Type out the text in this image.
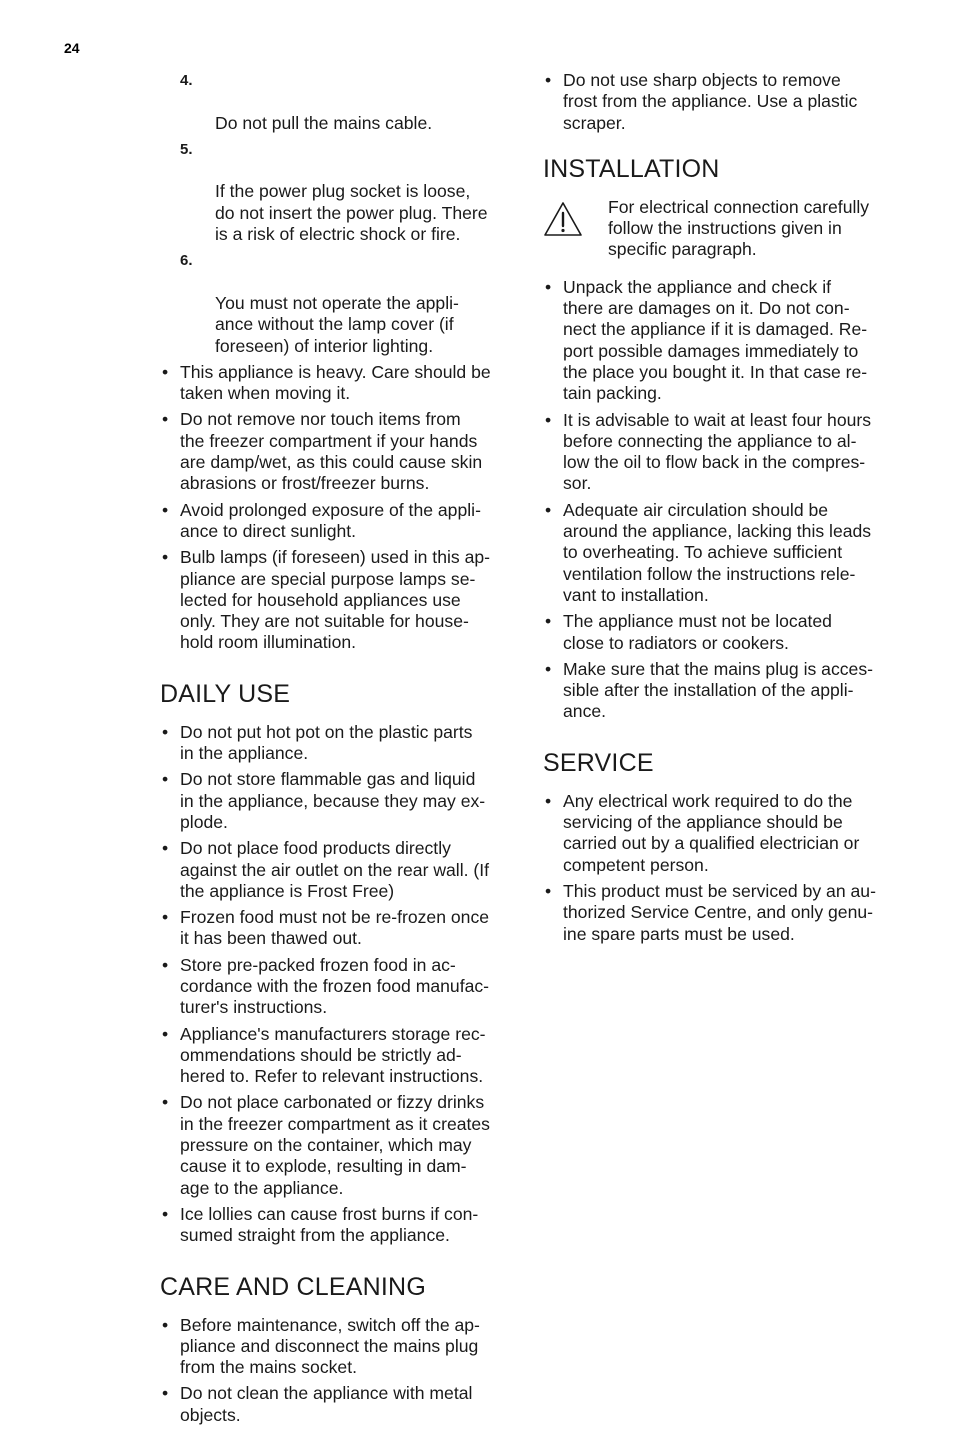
24

4.

Do not pull the mains cable.

5.

If the power plug socket is loose,
do not insert the power plug. There
is a risk of electric shock or fire.

6.

You must not operate the appli-
ance without the lamp cover (if
foreseen) of interior lighting.

• This appliance is heavy. Care should be
taken when moving it.
• Do not remove nor touch items from
the freezer compartment if your hands
are damp/wet, as this could cause skin
abrasions or frost/freezer burns.
• Avoid prolonged exposure of the appli-
ance to direct sunlight.
• Bulb lamps (if foreseen) used in this ap-
pliance are special purpose lamps se-
lected for household appliances use
only. They are not suitable for house-
hold room illumination.
DAILY USE
• Do not put hot pot on the plastic parts
in the appliance.
• Do not store flammable gas and liquid
in the appliance, because they may ex-
plode.
• Do not place food products directly
against the air outlet on the rear wall. (If
the appliance is Frost Free)
• Frozen food must not be re-frozen once
it has been thawed out.
• Store pre-packed frozen food in ac-
cordance with the frozen food manufac-
turer's instructions.
• Appliance's manufacturers storage rec-
ommendations should be strictly ad-
hered to. Refer to relevant instructions.
• Do not place carbonated or fizzy drinks
in the freezer compartment as it creates
pressure on the container, which may
cause it to explode, resulting in dam-
age to the appliance.
• Ice lollies can cause frost burns if con-
sumed straight from the appliance.
CARE AND CLEANING
• Before maintenance, switch off the ap-
pliance and disconnect the mains plug
from the mains socket.
• Do not clean the appliance with metal
objects.
• Do not use sharp objects to remove
frost from the appliance. Use a plastic
scraper.
INSTALLATION
For electrical connection carefully
follow the instructions given in
specific paragraph.
• Unpack the appliance and check if
there are damages on it. Do not con-
nect the appliance if it is damaged. Re-
port possible damages immediately to
the place you bought it. In that case re-
tain packing.
• It is advisable to wait at least four hours
before connecting the appliance to al-
low the oil to flow back in the compres-
sor.
• Adequate air circulation should be
around the appliance, lacking this leads
to overheating. To achieve sufficient
ventilation follow the instructions rele-
vant to installation.
• The appliance must not be located
close to radiators or cookers.
• Make sure that the mains plug is acces-
sible after the installation of the appli-
ance.
SERVICE
• Any electrical work required to do the
servicing of the appliance should be
carried out by a qualified electrician or
competent person.
• This product must be serviced by an au-
thorized Service Centre, and only genu-
ine spare parts must be used.
